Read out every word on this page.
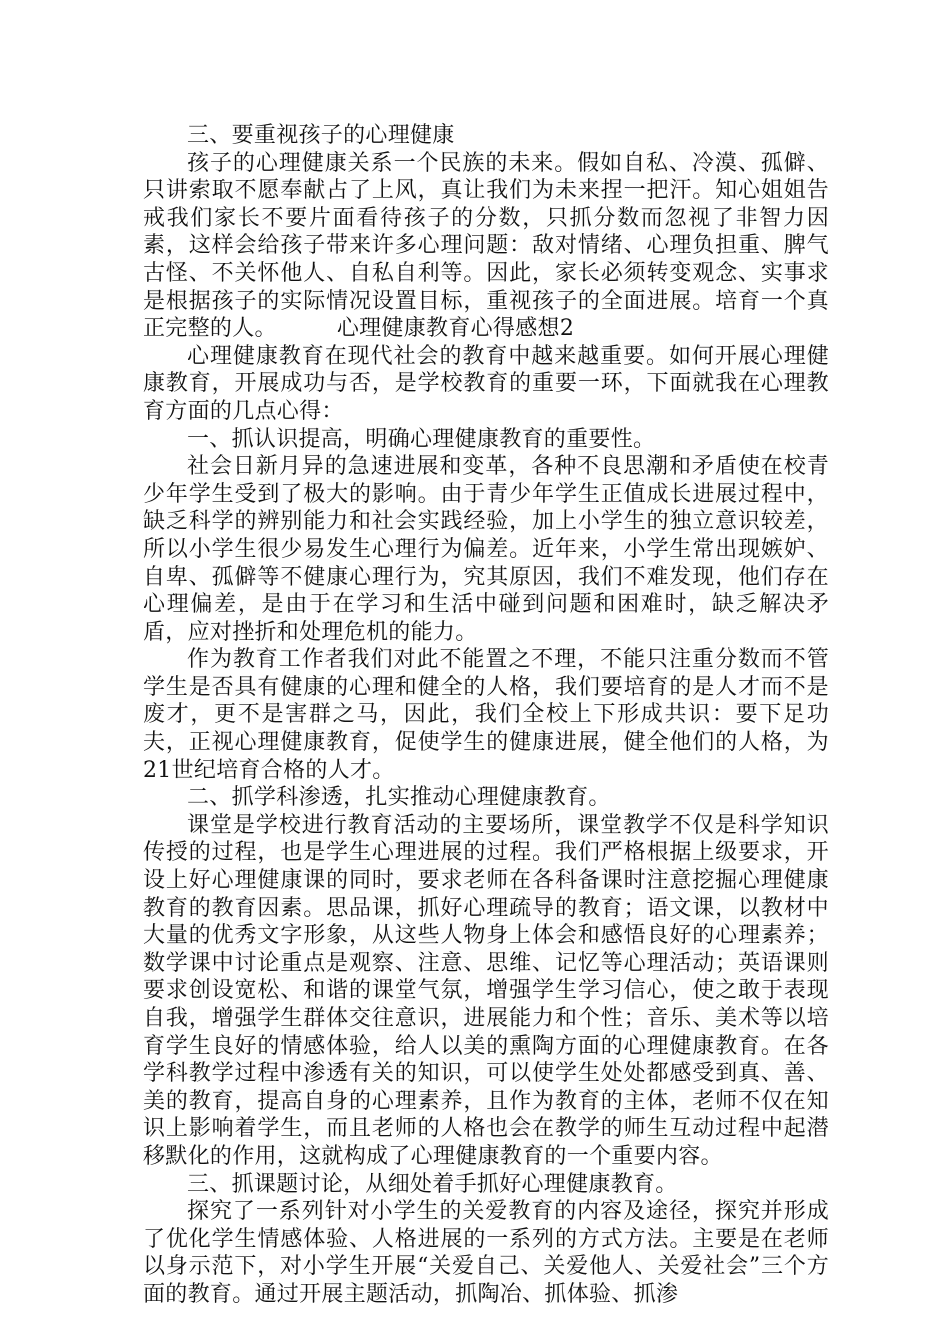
三、要重视孩子的心理健康

孩子的心理健康关系一个民族的未来。假如自私、冷漠、孤僻、只讲索取不愿奉献占了上风，真让我们为未来捏一把汗。知心姐姐告戒我们家长不要片面看待孩子的分数，只抓分数而忽视了非智力因素，这样会给孩子带来许多心理问题：敌对情绪、心理负担重、脾气古怪、不关怀他人、自私自利等。因此，家长必须转变观念、实事求是根据孩子的实际情况设置目标，重视孩子的全面进展。培育一个真正完整的人。	心理健康教育心得感想2

心理健康教育在现代社会的教育中越来越重要。如何开展心理健康教育，开展成功与否，是学校教育的重要一环，下面就我在心理教育方面的几点心得：

一、抓认识提高，明确心理健康教育的重要性。

社会日新月异的急速进展和变革，各种不良思潮和矛盾使在校青少年学生受到了极大的影响。由于青少年学生正值成长进展过程中，缺乏科学的辨别能力和社会实践经验，加上小学生的独立意识较差，所以小学生很少易发生心理行为偏差。近年来，小学生常出现嫉妒、自卑、孤僻等不健康心理行为，究其原因，我们不难发现，他们存在心理偏差，是由于在学习和生活中碰到问题和困难时，缺乏解决矛盾，应对挫折和处理危机的能力。

作为教育工作者我们对此不能置之不理，不能只注重分数而不管学生是否具有健康的心理和健全的人格，我们要培育的是人才而不是废才，更不是害群之马，因此，我们全校上下形成共识：要下足功夫，正视心理健康教育，促使学生的健康进展，健全他们的人格，为21世纪培育合格的人才。

二、抓学科渗透，扎实推动心理健康教育。

课堂是学校进行教育活动的主要场所，课堂教学不仅是科学知识传授的过程，也是学生心理进展的过程。我们严格根据上级要求，开设上好心理健康课的同时，要求老师在各科备课时注意挖掘心理健康教育的教育因素。思品课，抓好心理疏导的教育；语文课，以教材中大量的优秀文字形象，从这些人物身上体会和感悟良好的心理素养；数学课中讨论重点是观察、注意、思维、记忆等心理活动；英语课则要求创设宽松、和谐的课堂气氛，增强学生学习信心，使之敢于表现自我，增强学生群体交往意识，进展能力和个性；音乐、美术等以培育学生良好的情感体验，给人以美的熏陶方面的心理健康教育。在各学科教学过程中渗透有关的知识，可以使学生处处都感受到真、善、美的教育，提高自身的心理素养，且作为教育的主体，老师不仅在知识上影响着学生，而且老师的人格也会在教学的师生互动过程中起潜移默化的作用，这就构成了心理健康教育的一个重要内容。

三、抓课题讨论，从细处着手抓好心理健康教育。

探究了一系列针对小学生的关爱教育的内容及途径，探究并形成了优化学生情感体验、人格进展的一系列的方式方法。主要是在老师以身示范下，对小学生开展“关爱自己、关爱他人、关爱社会”三个方面的教育。通过开展主题活动，抓陶冶、抓体验、抓渗
